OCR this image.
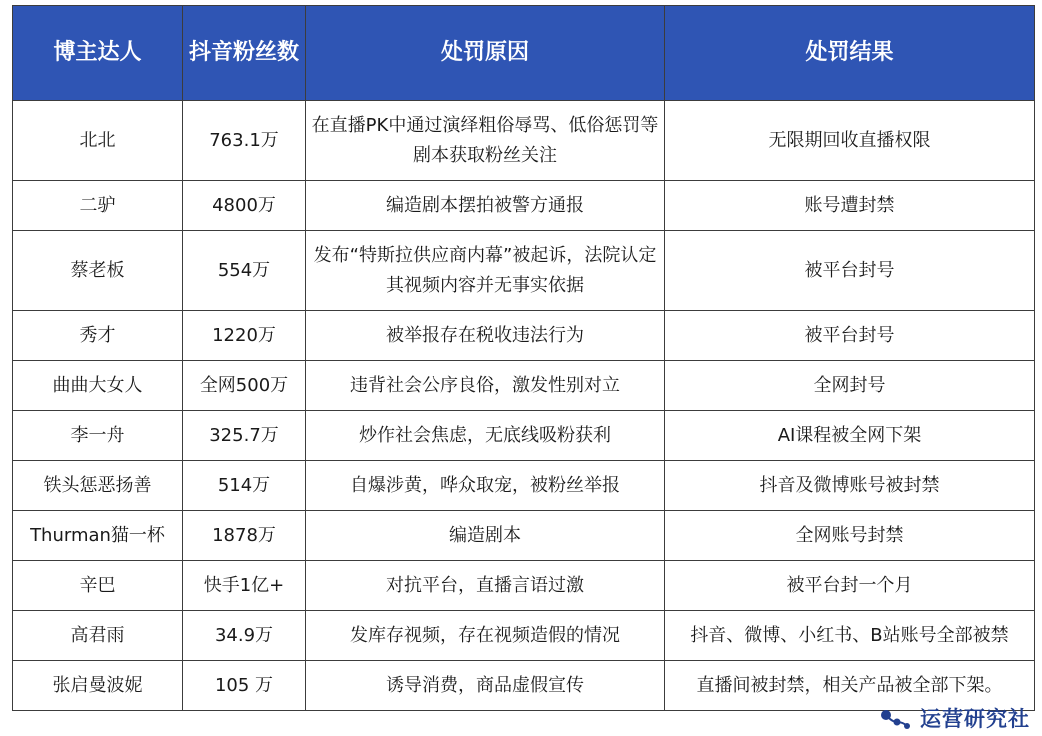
博主达人	抖音粉丝数	处罚原因	处罚结果
北北	763.1万	在直播PK中通过演绎粗俗辱骂、低俗惩罚等剧本获取粉丝关注	无限期回收直播权限
二驴	4800万	编造剧本摆拍被警方通报	账号遭封禁
蔡老板	554万	发布“特斯拉供应商内幕”被起诉，法院认定其视频内容并无事实依据	被平台封号
秀才	1220万	被举报存在税收违法行为	被平台封号
曲曲大女人	全网500万	违背社会公序良俗，激发性别对立	全网封号
李一舟	325.7万	炒作社会焦虑，无底线吸粉获利	AI课程被全网下架
铁头惩恶扬善	514万	自爆涉黄，哗众取宠，被粉丝举报	抖音及微博账号被封禁
Thurman猫一杯	1878万	编造剧本	全网账号封禁
辛巴	快手1亿+	对抗平台，直播言语过激	被平台封一个月
高君雨	34.9万	发库存视频，存在视频造假的情况	抖音、微博、小红书、B站账号全部被禁
张启曼波妮	105 万	诱导消费，商品虚假宣传	直播间被封禁，相关产品被全部下架。
运营研究社
